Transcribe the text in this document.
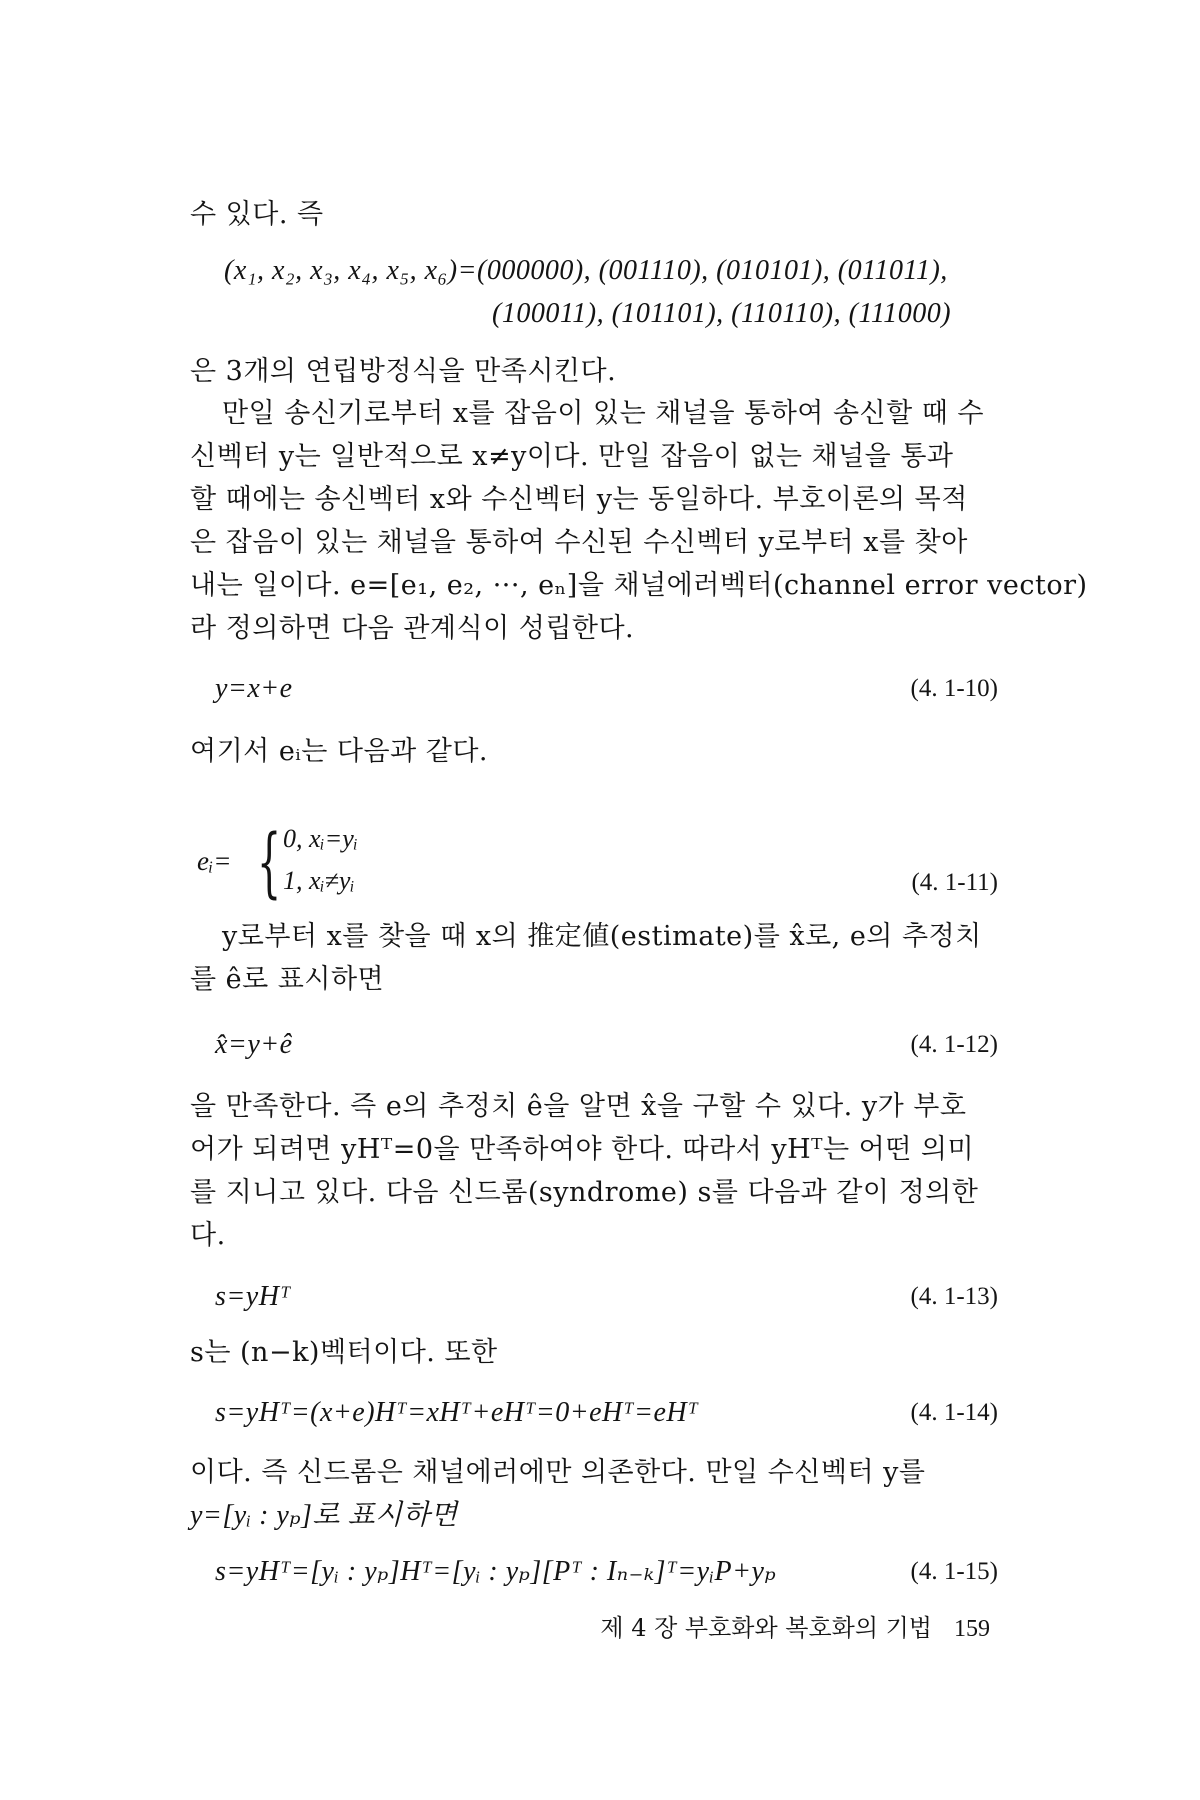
수 있다. 즉
(x₁, x₂, x₃, x₄, x₅, x₆)=(000000), (001110), (010101), (011011),
(100011), (101101), (110110), (111000)
은 3개의 연립방정식을 만족시킨다.
만일 송신기로부터 x를 잡음이 있는 채널을 통하여 송신할 때 수
신벡터 y는 일반적으로 x≠y이다. 만일 잡음이 없는 채널을 통과
할 때에는 송신벡터 x와 수신벡터 y는 동일하다. 부호이론의 목적
은 잡음이 있는 채널을 통하여 수신된 수신벡터 y로부터 x를 찾아
내는 일이다. e=[e₁, e₂, ···, eₙ]을 채널에러벡터(channel error vector)
라 정의하면 다음 관계식이 성립한다.
y=x+e	(4. 1-10)
여기서 eᵢ는 다음과 같다.
eᵢ= { 0, xᵢ=yᵢ
1, xᵢ≠yᵢ	(4. 1-11)
y로부터 x를 찾을 때 x의 推定値(estimate)를 x̂로, e의 추정치
를 ê로 표시하면
x̂=y+ê	(4. 1-12)
을 만족한다. 즉 e의 추정치 ê을 알면 x̂을 구할 수 있다. y가 부호
어가 되려면 yHᵀ=0을 만족하여야 한다. 따라서 yHᵀ는 어떤 의미
를 지니고 있다. 다음 신드롬(syndrome) s를 다음과 같이 정의한
다.
s=yHᵀ	(4. 1-13)
s는 (n−k)벡터이다. 또한
s=yHᵀ=(x+e)Hᵀ=xHᵀ+eHᵀ=0+eHᵀ=eHᵀ	(4. 1-14)
이다. 즉 신드롬은 채널에러에만 의존한다. 만일 수신벡터 y를
y=[yᵢ : yₚ]로 표시하면
s=yHᵀ=[yᵢ : yₚ]Hᵀ=[yᵢ : yₚ][Pᵀ : Iₙ₋ₖ]ᵀ=yᵢP+yₚ	(4. 1-15)
제 4 장 부호화와 복호화의 기법 159
